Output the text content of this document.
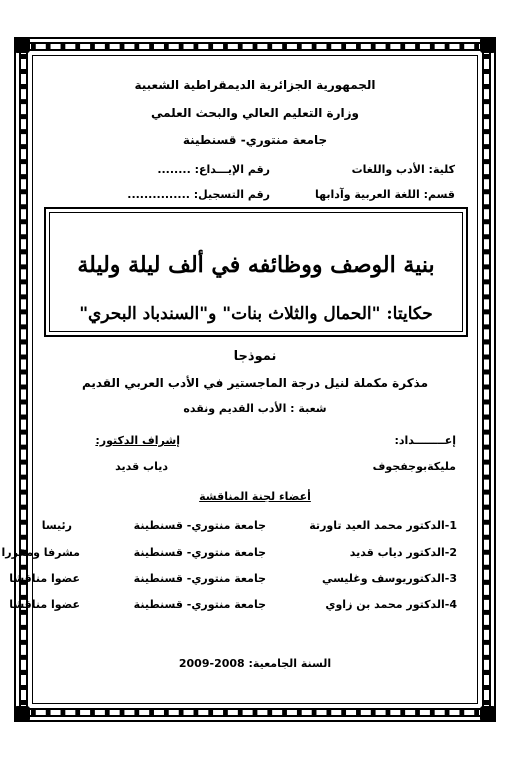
الجمهورية الجزائرية الديمقراطية الشعبية
وزارة التعليم العالي والبحث العلمي
جامعة منتوري- قسنطينة
كلية: الأدب واللغات
رقم الإيـــداع: ........
قسم: اللغة العربية وآدابها
رقم التسجيل: ...............
بنية الوصف ووظائفه في ألف ليلة وليلة
حكايتا: "الحمال والثلاث بنات" و"السندباد البحري"
نموذجا
مذكرة مكملة لنيل درجة الماجستير في الأدب العربي القديم
شعبة : الأدب القديم ونقده
إعــــــــداد:
إشراف الدكتور:
مليكةبوجفجوف
دياب قديد
أعضاء لجنة المناقشة
1-الدكتور محمد العيد تاورتة
جامعة منتوري- قسنطينة
رئيسا
2-الدكتور دياب قديد
جامعة منتوري- قسنطينة
مشرفا ومقررا
3-الدكتوريوسف وغليسي
جامعة منتوري- قسنطينة
عضوا مناقشا
4-الدكتور محمد بن زاوي
جامعة منتوري- قسنطينة
عضوا مناقشا
السنة الجامعية: 2008-2009
